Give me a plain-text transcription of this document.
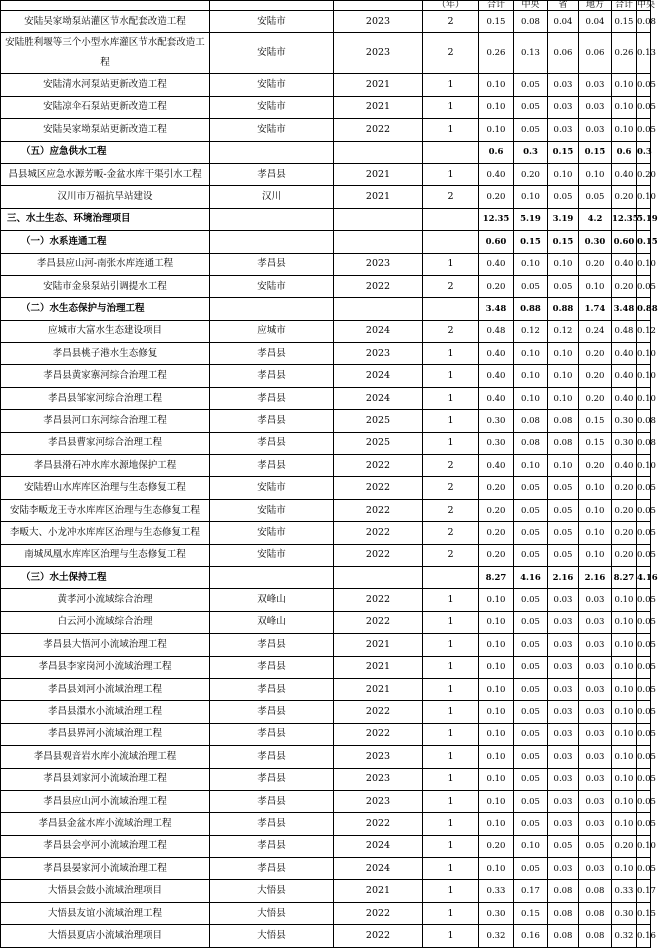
			（年）	合计	中央	省	地方	合计	中央
安陆吴家坳泵站灌区节水配套改造工程	安陆市	2023	2	0.15	0.08	0.04	0.04	0.15	0.08
安陆胜利堰等三个小型水库灌区节水配套改造工程	安陆市	2023	2	0.26	0.13	0.06	0.06	0.26	0.13
安陆清水河泵站更新改造工程	安陆市	2021	1	0.10	0.05	0.03	0.03	0.10	0.05
安陆凉伞石泵站更新改造工程	安陆市	2021	1	0.10	0.05	0.03	0.03	0.10	0.05
安陆吴家坳泵站更新改造工程	安陆市	2022	1	0.10	0.05	0.03	0.03	0.10	0.05
（五）应急供水工程				0.6	0.3	0.15	0.15	0.6	0.3
昌县城区应急水源芳畈-金盆水库干渠引水工程	孝昌县	2021	1	0.40	0.20	0.10	0.10	0.40	0.20
汉川市万福抗旱站建设	汉川	2021	2	0.20	0.10	0.05	0.05	0.20	0.10
三、水土生态、环境治理项目				12.35	5.19	3.19	4.2	12.35	5.19
（一）水系连通工程				0.60	0.15	0.15	0.30	0.60	0.15
孝昌县应山河-南张水库连通工程	孝昌县	2023	1	0.40	0.10	0.10	0.20	0.40	0.10
安陆市金泉泵站引调提水工程	安陆市	2022	2	0.20	0.05	0.05	0.10	0.20	0.05
（二）水生态保护与治理工程				3.48	0.88	0.88	1.74	3.48	0.88
应城市大富水生态建设项目	应城市	2024	2	0.48	0.12	0.12	0.24	0.48	0.12
孝昌县桃子港水生态修复	孝昌县	2023	1	0.40	0.10	0.10	0.20	0.40	0.10
孝昌县黄家寨河综合治理工程	孝昌县	2024	1	0.40	0.10	0.10	0.20	0.40	0.10
孝昌县邹家河综合治理工程	孝昌县	2024	1	0.40	0.10	0.10	0.20	0.40	0.10
孝昌县河口东河综合治理工程	孝昌县	2025	1	0.30	0.08	0.08	0.15	0.30	0.08
孝昌县曹家河综合治理工程	孝昌县	2025	1	0.30	0.08	0.08	0.15	0.30	0.08
孝昌县滑石冲水库水源地保护工程	孝昌县	2022	2	0.40	0.10	0.10	0.20	0.40	0.10
安陆碧山水库库区治理与生态修复工程	安陆市	2022	2	0.20	0.05	0.05	0.10	0.20	0.05
安陆李畈龙王寺水库库区治理与生态修复工程	安陆市	2022	2	0.20	0.05	0.05	0.10	0.20	0.05
李畈大、小龙冲水库库区治理与生态修复工程	安陆市	2022	2	0.20	0.05	0.05	0.10	0.20	0.05
南城凤凰水库库区治理与生态修复工程	安陆市	2022	2	0.20	0.05	0.05	0.10	0.20	0.05
（三）水土保持工程				8.27	4.16	2.16	2.16	8.27	4.16
黄孝河小流域综合治理	双峰山	2022	1	0.10	0.05	0.03	0.03	0.10	0.05
白云河小流域综合治理	双峰山	2022	1	0.10	0.05	0.03	0.03	0.10	0.05
孝昌县大悟河小流域治理工程	孝昌县	2021	1	0.10	0.05	0.03	0.03	0.10	0.05
孝昌县李家岗河小流域治理工程	孝昌县	2021	1	0.10	0.05	0.03	0.03	0.10	0.05
孝昌县刘河小流域治理工程	孝昌县	2021	1	0.10	0.05	0.03	0.03	0.10	0.05
孝昌县澴水小流域治理工程	孝昌县	2022	1	0.10	0.05	0.03	0.03	0.10	0.05
孝昌县界河小流域治理工程	孝昌县	2022	1	0.10	0.05	0.03	0.03	0.10	0.05
孝昌县观音岩水库小流域治理工程	孝昌县	2023	1	0.10	0.05	0.03	0.03	0.10	0.05
孝昌县刘家河小流域治理工程	孝昌县	2023	1	0.10	0.05	0.03	0.03	0.10	0.05
孝昌县应山河小流域治理工程	孝昌县	2023	1	0.10	0.05	0.03	0.03	0.10	0.05
孝昌县金盆水库小流域治理工程	孝昌县	2022	1	0.10	0.05	0.03	0.03	0.10	0.05
孝昌县会亭河小流域治理工程	孝昌县	2024	1	0.20	0.10	0.05	0.05	0.20	0.10
孝昌县晏家河小流域治理工程	孝昌县	2024	1	0.10	0.05	0.03	0.03	0.10	0.05
大悟县会鼓小流域治理项目	大悟县	2021	1	0.33	0.17	0.08	0.08	0.33	0.17
大悟县友谊小流域治理工程	大悟县	2022	1	0.30	0.15	0.08	0.08	0.30	0.15
大悟县夏店小流域治理项目	大悟县	2022	1	0.32	0.16	0.08	0.08	0.32	0.16
